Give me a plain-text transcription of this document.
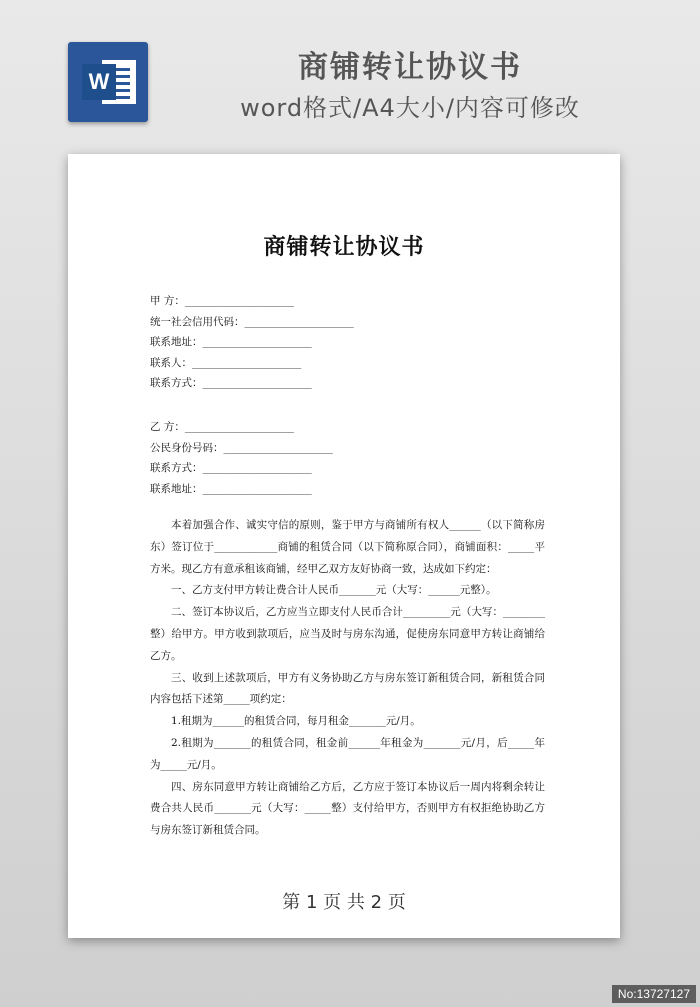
W	商铺转让协议书
word格式/A4大小/内容可修改
商铺转让协议书
甲 方：______________________
统一社会信用代码：______________________
联系地址：______________________
联系人：______________________
联系方式：______________________
乙 方：______________________
公民身份号码：______________________
联系方式：______________________
联系地址：______________________

本着加强合作、诚实守信的原则，鉴于甲方与商铺所有权人______（以下简称房东）签订位于____________商铺的租赁合同（以下简称原合同），商铺面积：_____平方米。现乙方有意承租该商铺，经甲乙双方友好协商一致，达成如下约定：

一、乙方支付甲方转让费合计人民币_______元（大写：______元整）。

二、签订本协议后，乙方应当立即支付人民币合计_________元（大写：________整）给甲方。甲方收到款项后，应当及时与房东沟通，促使房东同意甲方转让商铺给乙方。

三、收到上述款项后，甲方有义务协助乙方与房东签订新租赁合同，新租赁合同内容包括下述第_____项约定：

1.租期为______的租赁合同，每月租金_______元/月。

2.租期为_______的租赁合同，租金前______年租金为_______元/月，后_____年为_____元/月。

四、房东同意甲方转让商铺给乙方后，乙方应于签订本协议后一周内将剩余转让费合共人民币_______元（大写：_____整）支付给甲方，否则甲方有权拒绝协助乙方与房东签订新租赁合同。

第 1 页 共 2 页
No:13727127
